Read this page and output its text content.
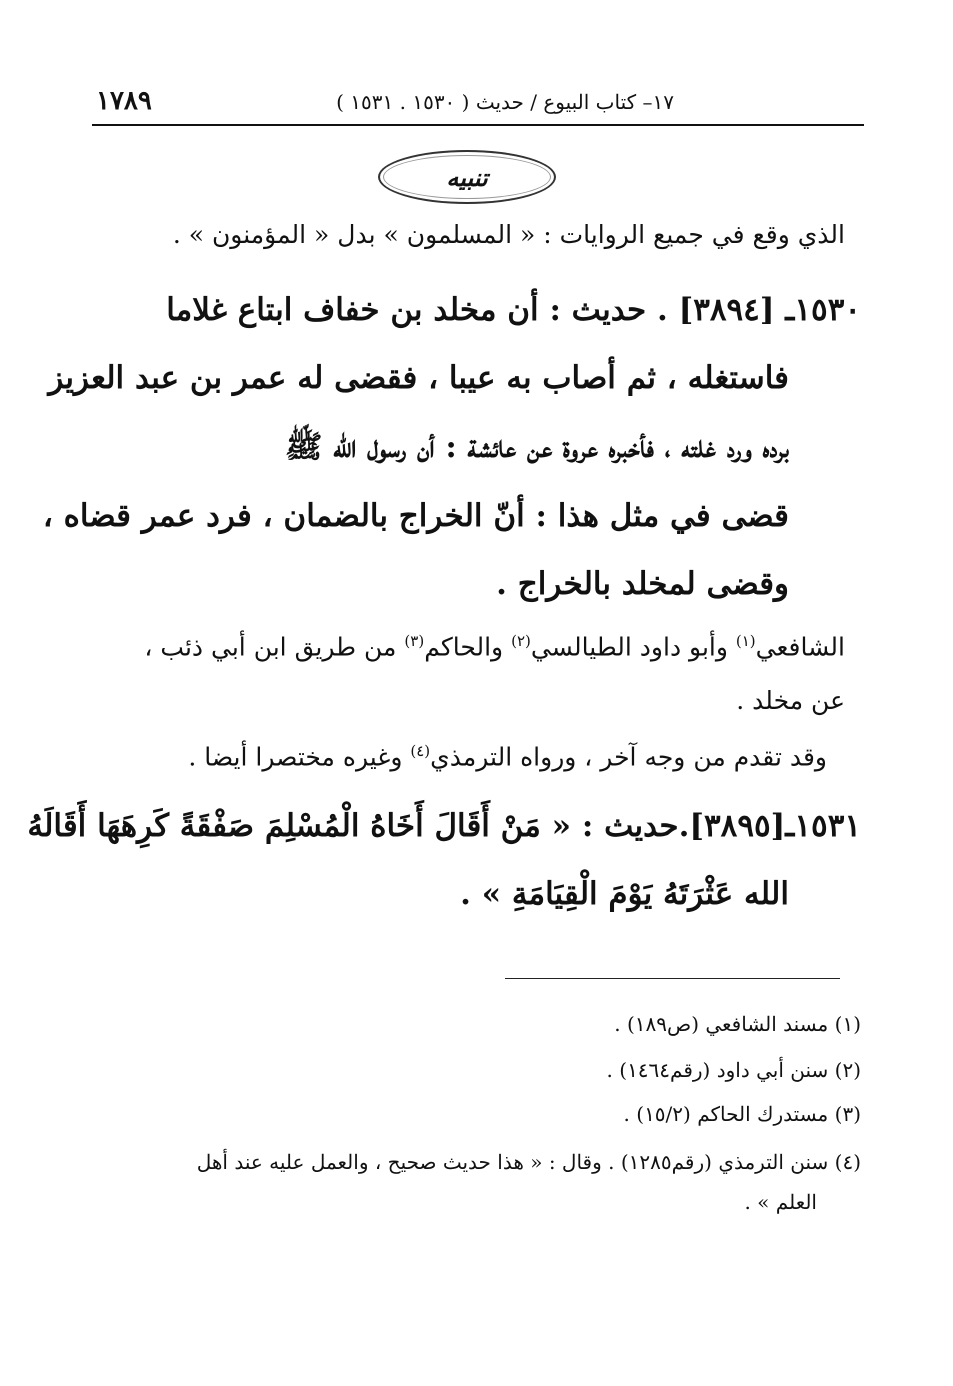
١٧– كتاب البيوع / حديث ( ١٥٣٠ . ١٥٣١ )
١٧٨٩
تنبيه
الذي وقع في جميع الروايات : « المسلمون » بدل « المؤمنون » .
١٥٣٠ـ [٣٨٩٤] . حديث : أن مخلد بن خفاف ابتاع غلاما
فاستغله ، ثم أصاب به عيبا ، فقضى له عمر بن عبد العزيز
برده ورد غلته ، فأخبره عروة عن عائشة : أن رسول الله ﷺ
قضى في مثل هذا : أنّ الخراج بالضمان ، فرد عمر قضاه ،
وقضى لمخلد بالخراج .
الشافعي$^{(١)}$ وأبو داود الطيالسي$^{(٢)}$ والحاكم$^{(٣)}$ من طريق ابن أبي ذئب ،
عن مخلد .
وقد تقدم من وجه آخر ، ورواه الترمذي$^{(٤)}$ وغيره مختصرا أيضا .
١٥٣١ـ[٣٨٩٥].حديث : « مَنْ أَقَالَ أَخَاهُ الْمُسْلِمَ صَفْقَةً كَرِهَهَا أَقَالَهُ
الله عَثْرَتَهُ يَوْمَ الْقِيَامَةِ » .
(١) مسند الشافعي (ص١٨٩) .
(٢) سنن أبي داود (رقم١٤٦٤) .
(٣) مستدرك الحاكم (١٥/٢) .
(٤) سنن الترمذي (رقم١٢٨٥) . وقال : « هذا حديث صحيح ، والعمل عليه عند أهل
العلم » .
